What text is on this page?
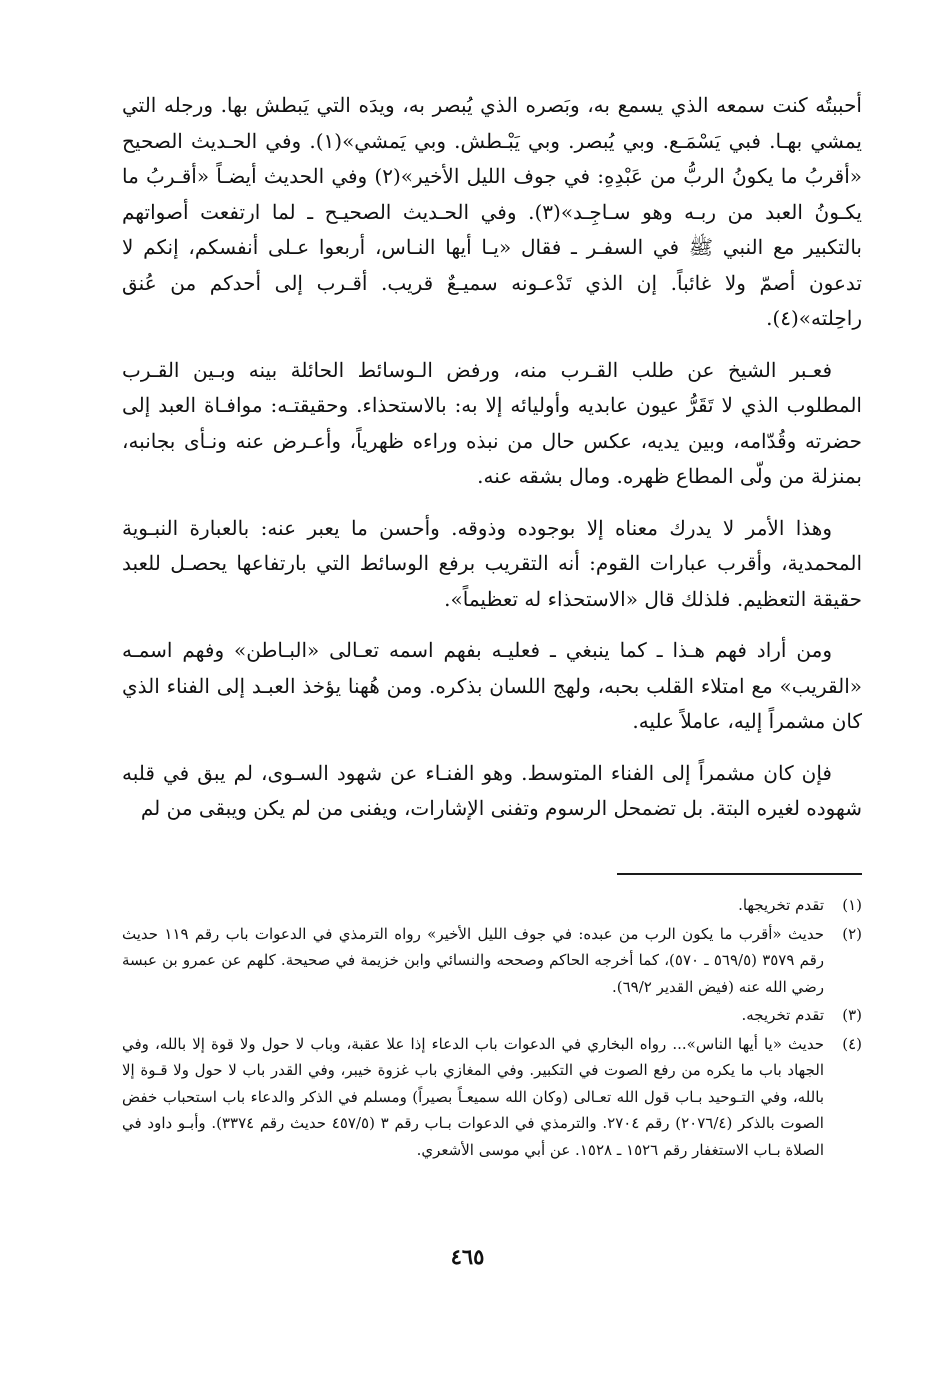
أحببتُه كنت سمعه الذي يسمع به، وبَصره الذي يُبصر به، ويدَه التي يَبطش بها. ورجله التي يمشي بهـا. فبي يَسْمَـع. وبي يُبصر. وبي يَبْـطش. وبي يَمشي»(١). وفي الحـديث الصحيح «أقربُ ما يكونُ الربُّ من عَبْدِهِ: في جوف الليل الأخير»(٢) وفي الحديث أيضـاً «أقـربُ ما يكـونُ العبد من ربـه وهو سـاجِـد»(٣). وفي الحـديث الصحيـح ـ لما ارتفعت أصواتهم بالتكبير مع النبي ﷺ في السفـر ـ فقال «يـا أيها النـاس، أربعوا عـلى أنفسكم، إنكم لا تدعون أصمّ ولا غائباً. إن الذي تَدْعـونه سميـعٌ قريب. أقـرب إلى أحدكم من عُنق راحِلته»(٤).

فعـبر الشيخ عن طلب القـرب منه، ورفض الـوسائط الحائلة بينه وبـين القـرب المطلوب الذي لا تَقَرُّ عيون عابديه وأوليائه إلا به: بالاستحذاء. وحقيقتـه: موافـاة العبد إلى حضرته وقُدّامه، وبين يديه، عكس حال من نبذه وراءه ظهرياً، وأعـرض عنه ونـأى بجانبه، بمنزلة من ولّى المطاع ظهره. ومال بشقه عنه.

وهذا الأمر لا يدرك معناه إلا بوجوده وذوقه. وأحسن ما يعبر عنه: بالعبارة النبـوية المحمدية، وأقرب عبارات القوم: أنه التقريب برفع الوسائط التي بارتفاعها يحصـل للعبد حقيقة التعظيم. فلذلك قال «الاستحذاء له تعظيماً».

ومن أراد فهم هـذا ـ كما ينبغي ـ فعليـه بفهم اسمه تعـالى «البـاطن» وفهم اسمـه «القريب» مع امتلاء القلب بحبه، ولهج اللسان بذكره. ومن هُهنا يؤخذ العبـد إلى الفناء الذي كان مشمراً إليه، عاملاً عليه.

فإن كان مشمراً إلى الفناء المتوسط. وهو الفنـاء عن شهود السـوى، لم يبق في قلبه شهوده لغيره البتة. بل تضمحل الرسوم وتفنى الإشارات، ويفنى من لم يكن ويبقى من لم

(١)
تقدم تخريجها.
(٢)
حديث «أقرب ما يكون الرب من عبده: في جوف الليل الأخير» رواه الترمذي في الدعوات باب رقم ١١٩ حديث رقم ٣٥٧٩ (٥٦٩/٥ ـ ٥٧٠)، كما أخرجه الحاكم وصححه والنسائي وابن خزيمة في صحيحة. كلهم عن عمرو بن عبسة رضي الله عنه (فيض القدير ٦٩/٢).
(٣)
تقدم تخريجه.
(٤)
حديث «يا أيها الناس»... رواه البخاري في الدعوات باب الدعاء إذا علا عقبة، وباب لا حول ولا قوة إلا بالله، وفي الجهاد باب ما يكره من رفع الصوت في التكبير. وفي المغازي باب غزوة خيبر، وفي القدر باب لا حول ولا قـوة إلا بالله، وفي التـوحيد بـاب قول الله تعـالى (وكان الله سميعـاً بصيراً) ومسلم في الذكر والدعاء باب استحباب خفض الصوت بالذكر (٢٠٧٦/٤) رقم ٢٧٠٤. والترمذي في الدعوات بـاب رقم ٣ (٤٥٧/٥ حديث رقم ٣٣٧٤). وأبـو داود في الصلاة بـاب الاستغفار رقم ١٥٢٦ ـ ١٥٢٨. عن أبي موسى الأشعري.
٤٦٥
